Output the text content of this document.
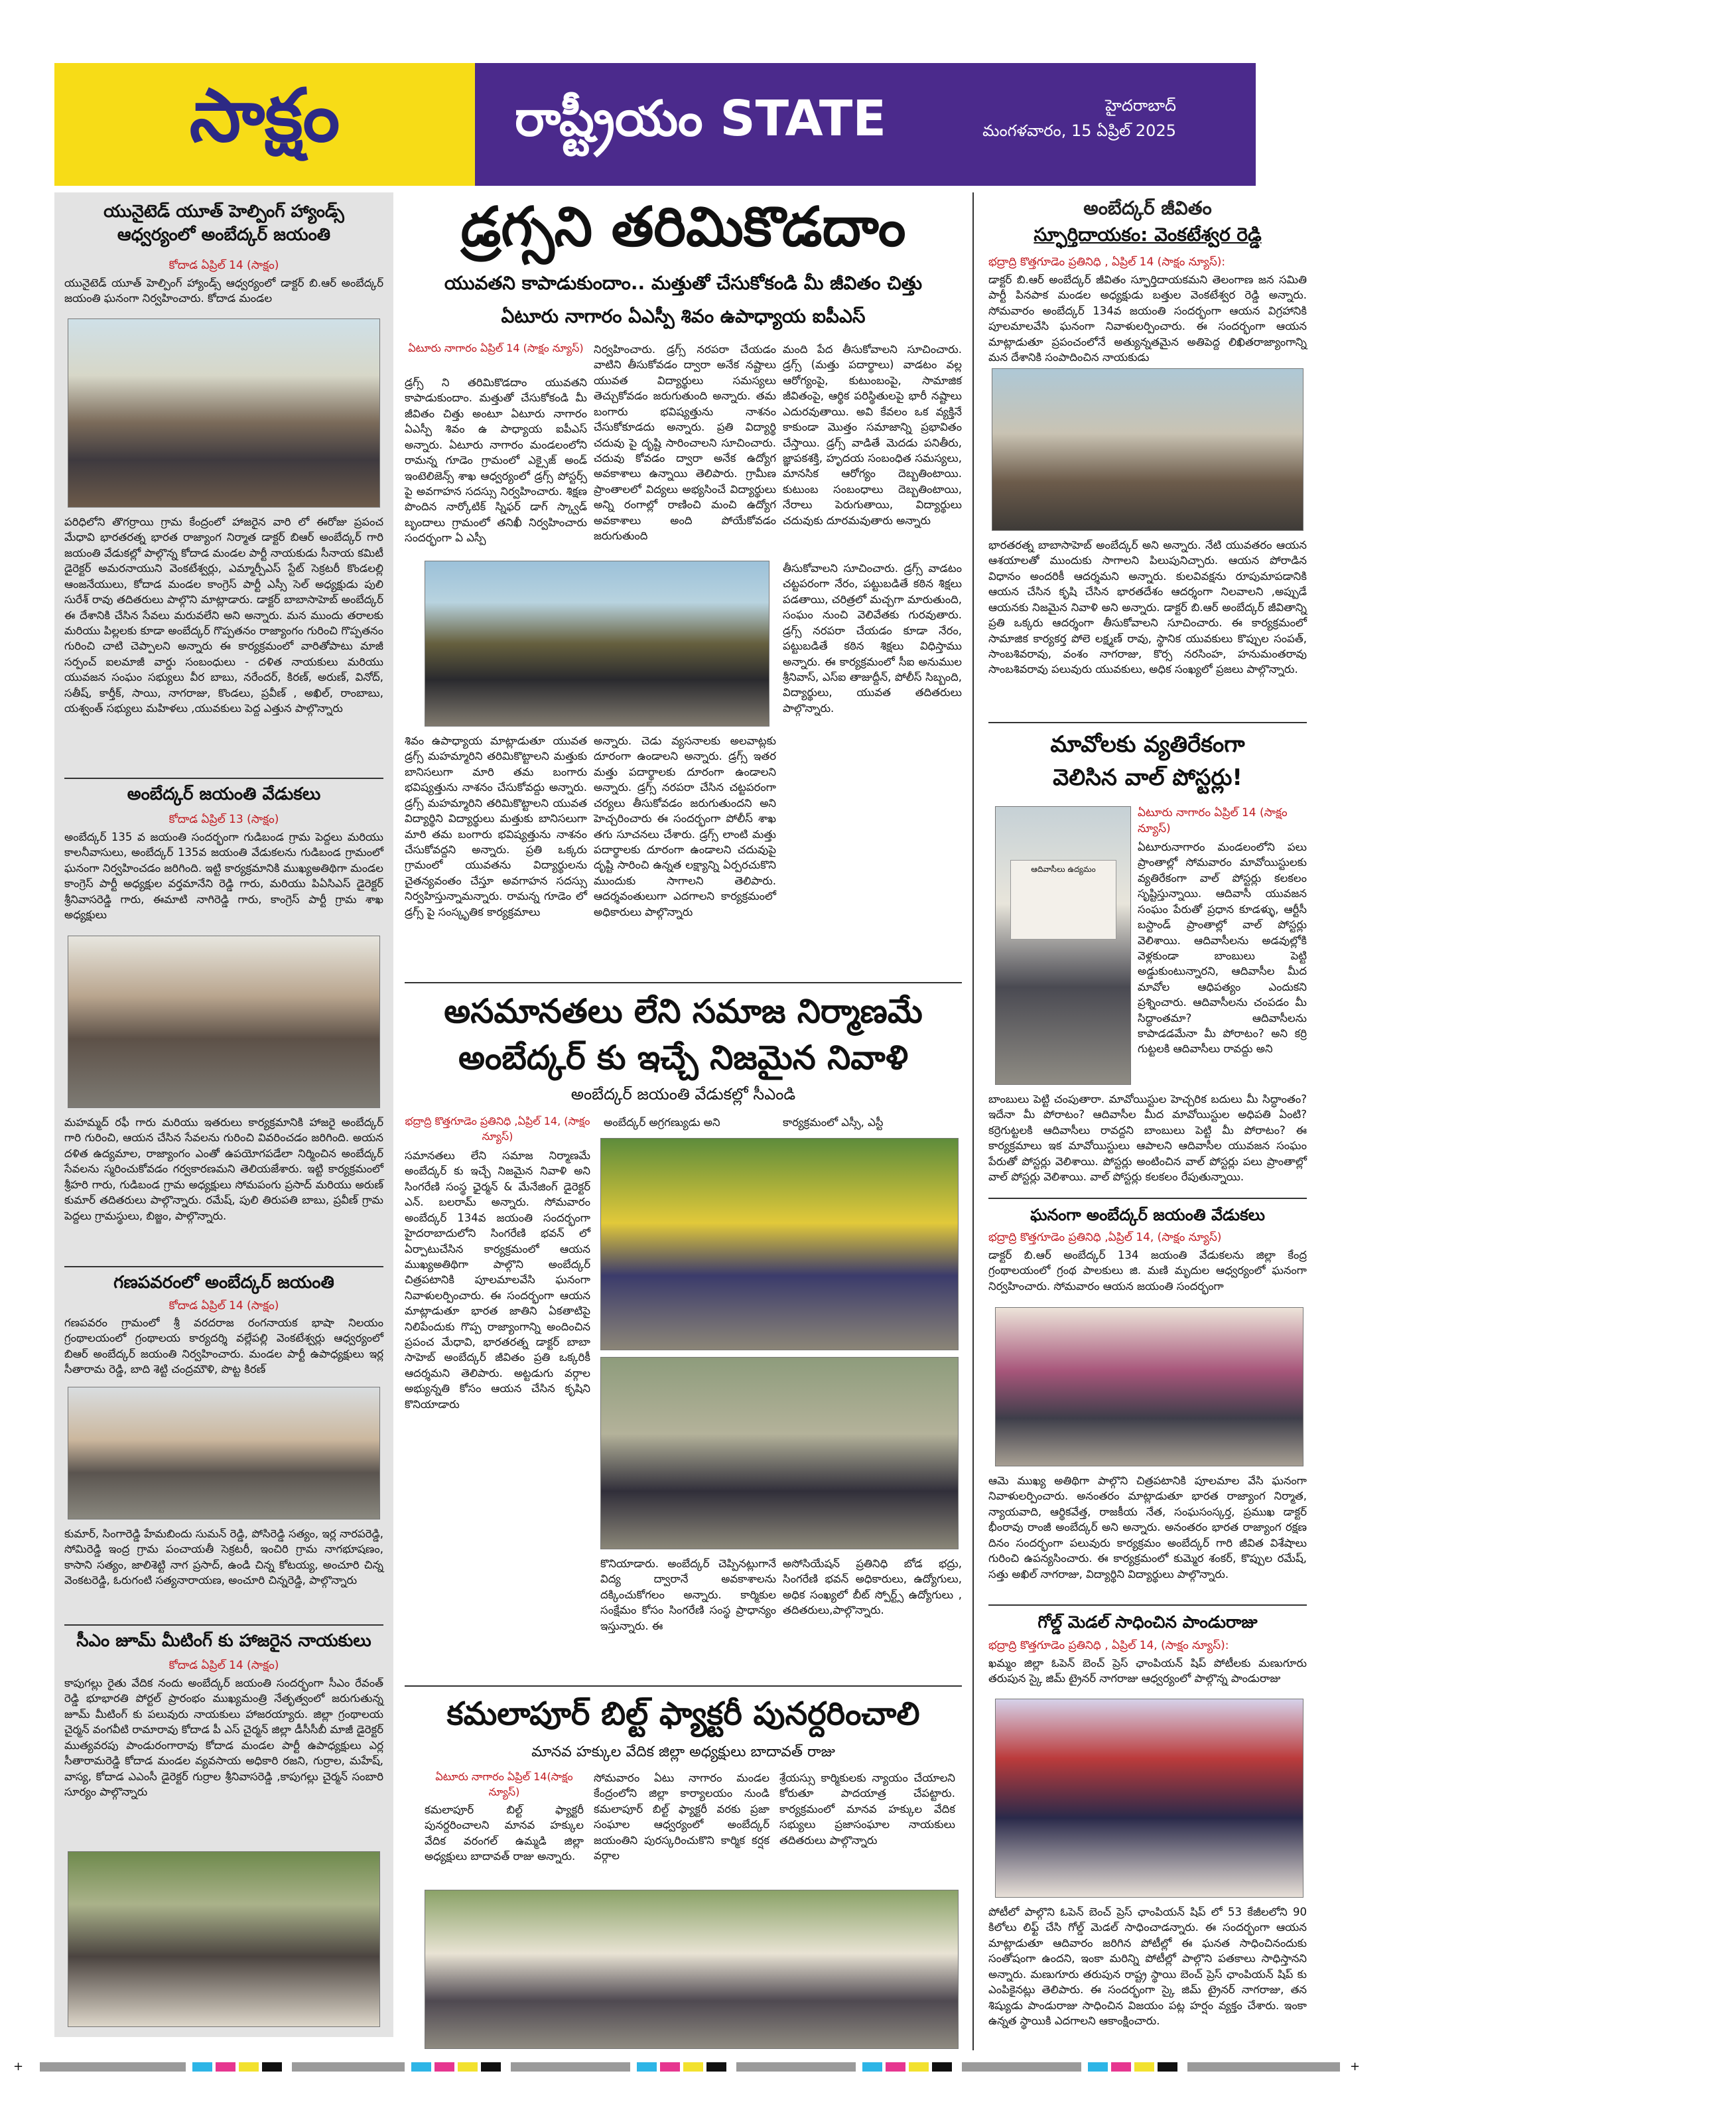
సాక్షం	రాష్ట్రీయం STATE	హైదరాబాద్
మంగళవారం, 15 ఏప్రిల్ 2025	4
యునైటెడ్ యూత్ హెల్పింగ్ హ్యాండ్స్ ఆధ్వర్యంలో అంబేద్కర్ జయంతి
కోదాడ ఏప్రిల్ 14 (సాక్షం)
యునైటెడ్ యూత్ హెల్పింగ్ హ్యాండ్స్ ఆధ్వర్యంలో డాక్టర్ బి.ఆర్ అంబేద్కర్ జయంతి ఘనంగా నిర్వహించారు. కోదాడ మండల
పరిధిలోని తొగర్రాయి గ్రామ కేంద్రంలో హాజరైన వారి లో ఈరోజు ప్రపంచ మేధావి భారతరత్న భారత రాజ్యాంగ నిర్మాత డాక్టర్ బిఆర్ అంబేద్కర్ గారి జయంతి వేడుకల్లో పాల్గొన్న కోదాడ మండల పార్టీ నాయకుడు సీనాయ కమిటీ డైరెక్టర్ అమరనాయుని వెంకటేశ్వర్లు, ఎమ్మార్పీఎస్ స్టేట్ సెక్రటరీ కొండలల్లి ఆంజనేయులు, కోదాడ మండల కాంగ్రెస్ పార్టీ ఎస్సీ సెల్ అధ్యక్షుడు పులి సురేశ్ రావు తదితరులు పాల్గొని మాట్లాడారు. డాక్టర్ బాబాసాహెబ్ అంబేద్కర్ ఈ దేశానికి చేసిన సేవలు మరువలేని అని అన్నారు. మన ముందు తరాలకు మరియు పిల్లలకు కూడా అంబేద్కర్ గొప్పతనం రాజ్యాంగం గురించి గొప్పతనం గురించి చాటి చెప్పాలని అన్నారు ఈ కార్యక్రమంలో వారితోపాటు మాజీ సర్పంచ్ ఐలమాజీ వార్డు సంబంధులు - దళిత నాయకులు మరియు యువజన సంఘం సభ్యులు వీర బాబు, నరేందర్, కిరణ్, అరుణ్, వినోద్, సతీష్, కార్తీక్, సాయి, నాగరాజు, కొండలు, ప్రవీణ్ , అఖిల్, రాంబాబు, యశ్వంత్ సభ్యులు మహిళలు ,యువకులు పెద్ద ఎత్తున పాల్గొన్నారు
అంబేద్కర్ జయంతి వేడుకలు
కోదాడ ఏప్రిల్ 13 (సాక్షం)
అంబేద్కర్ 135 వ జయంతి సందర్భంగా గుడిబండ గ్రామ పెద్దలు మరియు కాలనీవాసులు, అంబేద్కర్ 135వ జయంతి వేడుకలను గుడిబండ గ్రామంలో ఘనంగా నిర్వహించడం జరిగింది. ఇట్టి కార్యక్రమానికి ముఖ్యఅతిథిగా మండల కాంగ్రెస్ పార్టీ అధ్యక్షుల వర్తమానేని రెడ్డి గారు, మరియు పిఏసిఎస్ డైరెక్టర్ శ్రీనివాసరెడ్డి గారు, ఈమాటి నాగిరెడ్డి గారు, కాంగ్రెస్ పార్టీ గ్రామ శాఖ అధ్యక్షులు
మహమ్మద్ రఫీ గారు మరియు ఇతరులు కార్యక్రమానికి హాజరై అంబేద్కర్ గారి గురించి, ఆయన చేసిన సేవలను గురించి వివరించడం జరిగింది. అయన దళిత ఉద్యమాల, రాజ్యాంగం ఎంతో ఉపయోగపడేలా నిర్మించిన అంబేద్కర్ సేవలను స్మరించుకోవడం గర్వకారణమని తెలియజేశారు. ఇట్టి కార్యక్రమంలో శ్రీహరి గారు, గుడిబండ గ్రామ అధ్యక్షులు సోమపంగు ప్రసాద్ మరియు అరుణ్ కుమార్ తదితరులు పాల్గొన్నారు. రమేష్, పులి తిరుపతి బాబు, ప్రవీణ్ గ్రామ పెద్దలు గ్రామస్థులు, బిజ్జం, పాల్గొన్నారు.
గణపవరంలో అంబేద్కర్ జయంతి
కోదాడ ఏప్రిల్ 14 (సాక్షం)
గణపవరం గ్రామంలో శ్రీ వరదరాజ రంగనాయక భాషా నిలయం గ్రంథాలయంలో గ్రంథాలయ కార్యదర్శి వల్లేపల్లి వెంకటేశ్వర్లు ఆధ్వర్యంలో బిఆర్ అంబేద్కర్ జయంతి నిర్వహించారు. మండల పార్టీ ఉపాధ్యక్షులు ఇర్ల సీతారామ రెడ్డి, బాది శెట్టి చంద్రమౌళి, పొట్ట కిరణ్
కుమార్, సింగారెడ్డి హేమబిందు సుమన్ రెడ్డి, పోసిరెడ్డి సత్యం, ఇర్ల నారపరెడ్డి, సోమిరెడ్డి ఇంద్ర గ్రామ పంచాయతీ సెక్రటరీ, ఇంచిరి గ్రామ నాగభూషణం, కాసాని సత్యం, జాలిశెట్టి నాగ ప్రసాద్, ఉండి చిన్న కోటయ్య, అంచూరి చిన్న వెంకటరెడ్డి, ఓరుగంటి సత్యనారాయణ, అంచూరి చిన్నరెడ్డి, పాల్గొన్నారు
సీఎం జూమ్ మీటింగ్ కు హాజరైన నాయకులు
కోదాడ ఏప్రిల్ 14 (సాక్షం)
కాపుగల్లు రైతు వేదిక నందు అంబేద్కర్ జయంతి సందర్భంగా సీఎం రేవంత్ రెడ్డి భూభారతి పోర్టల్ ప్రారంభం ముఖ్యమంత్రి నేతృత్వంలో జరుగుతున్న జూమ్ మీటింగ్ కు పలువురు నాయకులు హాజరయ్యారు. జిల్లా గ్రంథాలయ చైర్మన్ వంగవీటి రామారావు కోదాడ పీ ఎస్ చైర్మన్ జిల్లా డీసీసీబీ మాజీ డైరెక్టర్ ముత్యవరపు పాండురంగారావు కోదాడ మండల పార్టీ ఉపాధ్యక్షులు ఎర్ల సీతారామరెడ్డి కోదాడ మండల వ్యవసాయ అధికారి రజని, గుర్రాల, మహేష్, వాస్య, కోదాడ ఎఎంసీ డైరెక్టర్ గుర్రాల శ్రీనివాసరెడ్డి ,కాపుగల్లు చైర్మన్ సంబారి సూర్యం పాల్గొన్నారు
డ్రగ్సని తరిమికొడదాం
యువతని కాపాడుకుందాం.. మత్తుతో చేసుకోకండి మీ జీవితం చిత్తు
ఏటూరు నాగారం ఏఎస్పీ శివం ఉపాధ్యాయ ఐపీఎస్
ఏటూరు నాగారం ఏప్రిల్ 14 (సాక్షం న్యూస్)
డ్రగ్స్ ని తరిమికొడదాం యువతని కాపాడుకుందాం. మత్తుతో చేసుకోకండి మీ జీవితం చిత్తు అంటూ ఏటూరు నాగారం ఏఎస్పీ శివం ఉ పాధ్యాయ ఐపీఎస్ అన్నారు. ఏటూరు నాగారం మండలంలోని రామన్న గూడెం గ్రామంలో ఎక్సైజ్ అండ్ ఇంటెలిజెన్స్ శాఖ ఆధ్వర్యంలో డ్రగ్స్ పోస్టర్స్ పై అవగాహన సదస్సు నిర్వహించారు. శిక్షణ పొందిన నార్కోటిక్ స్నిఫర్ డాగ్ స్క్వాడ్ బృందాలు గ్రామంలో తనిఖీ నిర్వహించారు సందర్భంగా ఏ ఎస్పీ
నిర్వహించారు. డ్రగ్స్ నరపరా చేయడం వాటిని తీసుకోవడం ద్వారా అనేక నష్టాలు యువత విద్యార్థులు సమస్యలు తెచ్చుకోవడం జరుగుతుంది అన్నారు. తమ బంగారు భవిష్యత్తును నాశనం చేసుకోకూడదు అన్నారు. ప్రతి విద్యార్థి చదువు పై దృష్టి సారించాలని సూచించారు. చదువు కోవడం ద్వారా అనేక ఉద్యోగ అవకాశాలు ఉన్నాయి తెలిపారు. గ్రామీణ ప్రాంతాలలో విద్యలు అభ్యసించే విద్యార్థులు అన్ని రంగాల్లో రాణించి మంచి ఉద్యోగ అవకాశాలు అంది పోయేకోవడం జరుగుతుంది
మంది పేద తీసుకోవాలని సూచించారు. డ్రగ్స్ (మత్తు పదార్థాలు) వాడటం వల్ల ఆరోగ్యంపై, కుటుంబంపై, సామాజిక జీవితంపై, ఆర్థిక పరిస్థితులపై భారీ నష్టాలు ఎదురవుతాయి. అవి కేవలం ఒక వ్యక్తినే కాకుండా మొత్తం సమాజాన్ని ప్రభావితం చేస్తాయి. డ్రగ్స్ వాడితే మెదడు పనితీరు, జ్ఞాపకశక్తి, హృదయ సంబంధిత సమస్యలు, మానసిక ఆరోగ్యం దెబ్బతింటాయి. కుటుంబ సంబంధాలు దెబ్బతింటాయి, నేరాలు పెరుగుతాయి, విద్యార్థులు చదువుకు దూరమవుతారు అన్నారు
తీసుకోవాలని సూచించారు. డ్రగ్స్ వాడటం చట్టపరంగా నేరం, పట్టుబడితే కఠిన శిక్షలు పడతాయి, చరిత్రలో మచ్చగా మారుతుంది, సంఘం నుంచి వెలివేతకు గురవుతారు. డ్రగ్స్ నరపరా చేయడం కూడా నేరం, పట్టుబడితే కఠిన శిక్షలు విధిస్తాము అన్నారు. ఈ కార్యక్రమంలో సీఐ అనుముల శ్రీనివాస్, ఎస్ఐ తాజుద్దీన్, పోలీస్ సిబ్బంది, విద్యార్థులు, యువత తదితరులు పాల్గొన్నారు.
శివం ఉపాధ్యాయ మాట్లాడుతూ యువత డ్రగ్స్ మహమ్మారిని తరిమికొట్టాలని మత్తుకు బానిసలుగా మారి తమ బంగారు భవిష్యత్తును నాశనం చేసుకోవద్దు అన్నారు. డ్రగ్స్ మహమ్మారిని తరిమికొట్టాలని యువత విద్యార్థిని విద్యార్థులు మత్తుకు బానిసలుగా మారి తమ బంగారు భవిష్యత్తును నాశనం చేసుకోవద్దని అన్నారు. ప్రతి ఒక్కరు గ్రామంలో యువతను విద్యార్థులను చైతన్యవంతం చేస్తూ అవగాహన సదస్సు నిర్వహిస్తున్నామన్నారు. రామన్న గూడెం లో డ్రగ్స్ పై సంస్కృతిక కార్యక్రమాలు
అన్నారు. చెడు వ్యసనాలకు అలవాట్లకు దూరంగా ఉండాలని అన్నారు. డ్రగ్స్ ఇతర మత్తు పదార్థాలకు దూరంగా ఉండాలని అన్నారు. డ్రగ్స్ నరపరా చేసిన చట్టపరంగా చర్యలు తీసుకోవడం జరుగుతుందని అని హెచ్చరించారు ఈ సందర్భంగా పోలీస్ శాఖ తగు సూచనలు చేశారు. డ్రగ్స్ లాంటి మత్తు పదార్థాలకు దూరంగా ఉండాలని చదువుపై దృష్టి సారించి ఉన్నత లక్ష్యాన్ని ఏర్పరచుకొని ముందుకు సాగాలని తెలిపారు. ఆదర్శవంతులుగా ఎదగాలని కార్యక్రమంలో అధికారులు పాల్గొన్నారు
అసమానతలు లేని సమాజ నిర్మాణమే
అంబేద్కర్ కు ఇచ్చే నిజమైన నివాళి
అంబేద్కర్ జయంతి వేడుకల్లో సీఎండి
భద్రాద్రి కొత్తగూడెం ప్రతినిధి ,ఏప్రిల్ 14, (సాక్షం న్యూస్)
సమానతలు లేని సమాజ నిర్మాణమే అంబేద్కర్ కు ఇచ్చే నిజమైన నివాళి అని సింగరేణి సంస్థ ఛైర్మన్ & మేనేజింగ్ డైరెక్టర్ ఎన్. బలరామ్ అన్నారు. సోమవారం అంబేద్కర్ 134వ జయంతి సందర్భంగా హైదరాబాదులోని సింగరేణి భవన్ లో ఏర్పాటుచేసిన కార్యక్రమంలో ఆయన ముఖ్యఅతిథిగా పాల్గొని అంబేద్కర్ చిత్రపటానికి పూలమాలవేసి ఘనంగా నివాళులర్పించారు. ఈ సందర్భంగా ఆయన మాట్లాడుతూ భారత జాతిని ఏకతాటిపై నిలిపేందుకు గొప్ప రాజ్యాంగాన్ని అందించిన ప్రపంచ మేధావి, భారతరత్న డాక్టర్ బాబా సాహెబ్ అంబేద్కర్ జీవితం ప్రతి ఒక్కరికీ ఆదర్శమని తెలిపారు. అట్టడుగు వర్గాల అభ్యున్నతి కోసం ఆయన చేసిన కృషిని కొనియాడారు
అంబేద్కర్ అగ్రగణ్యుడు అని	కార్యక్రమంలో ఎస్సీ, ఎస్టీ
కొనియాడారు. అంబేద్కర్ చెప్పినట్లుగానే విద్య ద్వారానే అవకాశాలను దక్కించుకోగలం అన్నారు. కార్మికుల సంక్షేమం కోసం సింగరేణి సంస్థ ప్రాధాన్యం ఇస్తున్నారు. ఈ
అసోసియేషన్ ప్రతినిధి బోడ భద్రు, సింగరేణి భవన్ అధికారులు, ఉద్యోగులు, అధిక సంఖ్యలో బీట్ స్పోర్ట్స్ ఉద్యోగులు , తదితరులు,పాల్గొన్నారు.
కమలాపూర్ బిల్ట్ ఫ్యాక్టరీ పునర్దరించాలి
మానవ హక్కుల వేదిక జిల్లా అధ్యక్షులు బాదావత్ రాజు
ఏటూరు నాగారం ఏప్రిల్ 14(సాక్షం న్యూస్)
కమలాపూర్ బిల్ట్ ఫ్యాక్టరీ పునర్దరించాలని మానవ హక్కుల వేదిక వరంగల్ ఉమ్మడి జిల్లా అధ్యక్షులు బాదావత్ రాజు అన్నారు.
సోమవారం ఏటు నాగారం మండల కేంద్రంలోని జిల్లా కార్యాలయం నుండి కమలాపూర్ బిల్ట్ ఫ్యాక్టరీ వరకు ప్రజా సంఘాల ఆధ్వర్యంలో అంబేద్కర్ జయంతిని పురస్కరించుకొని కార్మిక కర్షక వర్గాల
శ్రేయస్సు కార్మికులకు న్యాయం చేయాలని కోరుతూ పాదయాత్ర చేపట్టారు. కార్యక్రమంలో మానవ హక్కుల వేదిక సభ్యులు ప్రజాసంఘాల నాయకులు తదితరులు పాల్గొన్నారు
అంబేద్కర్ జీవితం
స్ఫూర్తిదాయకం: వెంకటేశ్వర రెడ్డి
భద్రాద్రి కొత్తగూడెం ప్రతినిధి , ఏప్రిల్ 14 (సాక్షం న్యూస్):
డాక్టర్ బి.ఆర్ అంబేద్కర్ జీవితం స్ఫూర్తిదాయకమని తెలంగాణ జన సమితి పార్టీ పినపాక మండల అధ్యక్షుడు బత్తుల వెంకటేశ్వర రెడ్డి అన్నారు. సోమవారం అంబేద్కర్ 134వ జయంతి సందర్భంగా ఆయన విగ్రహానికి పూలమాలవేసి ఘనంగా నివాళులర్పించారు. ఈ సందర్భంగా ఆయన మాట్లాడుతూ ప్రపంచంలోనే అత్యున్నతమైన అతిపెద్ద లిఖితరాజ్యాంగాన్ని మన దేశానికి సంపాదించిన నాయకుడు
భారతరత్న బాబాసాహెబ్ అంబేద్కర్ అని అన్నారు. నేటి యువతరం ఆయన ఆశయాలతో ముందుకు సాగాలని పిలుపునిచ్చారు. ఆయన పోరాడిన విధానం అందరికీ ఆదర్శమని అన్నారు. కులవివక్షను రూపుమాపడానికి ఆయన చేసిన కృషి చేసిన భారతదేశం ఆదర్శంగా నిలవాలని ,అప్పుడే ఆయనకు నిజమైన నివాళి అని అన్నారు. డాక్టర్ బి.ఆర్ అంబేద్కర్ జీవితాన్ని ప్రతి ఒక్కరు ఆదర్శంగా తీసుకోవాలని సూచించారు. ఈ కార్యక్రమంలో సామాజిక కార్యకర్త పోలె లక్ష్మణ్ రావు, స్థానిక యువకులు కొప్పుల సంపత్, సాంబశివరావు, వంశం నాగరాజు, కొర్స నరసింహ, హనుమంతరావు సాంబశివరావు పలువురు యువకులు, అధిక సంఖ్యలో ప్రజలు పాల్గొన్నారు.
మావోలకు వ్యతిరేకంగా
వెలిసిన వాల్ పోస్టర్లు!
ఆదివాసీలు ఉద్యమం
ఏటూరు నాగారం ఏప్రిల్ 14 (సాక్షం న్యూస్)
ఏటూరునాగారం మండలంలోని పలు ప్రాంతాల్లో సోమవారం మావోయిస్టులకు వ్యతిరేకంగా వాల్ పోస్టర్లు కలకలం సృష్టిస్తున్నాయి. ఆదివాసీ యువజన సంఘం పేరుతో ప్రధాన కూడళ్ళు, ఆర్టీసీ బస్టాండ్ ప్రాంతాల్లో వాల్ పోస్టర్లు వెలిశాయి. ఆదివాసీలను అడవుల్లోకి వెళ్లకుండా బాంబులు పెట్టి అడ్డుకుంటున్నారని, ఆదివాసీల మీద మావోల ఆధిపత్యం ఎందుకని ప్రశ్నించారు. ఆదివాసీలను చంపడం మీ సిద్ధాంతమా? ఆదివాసీలను కాపాడడమేనా మీ పోరాటం? అని కర్రి గుట్టలకి ఆదివాసీలు రావద్దు అని
బాంబులు పెట్టి చంపుతారా. మావోయిస్టుల హెచ్చరిక బదులు మీ సిద్ధాంతం? ఇదేనా మీ పోరాటం? ఆదివాసీల మీద మావోయిస్టుల అధిపతి ఏంటి? కర్రెగుట్టలకి ఆదివాసీలు రావద్దని బాంబులు పెట్టి మీ పోరాటం? ఈ కార్యక్రమాలు ఇక మావోయిస్టులు ఆపాలని ఆదివాసీల యువజన సంఘం పేరుతో పోస్టర్లు వెలిశాయి. పోస్టర్లు అంటించిన వాల్ పోస్టర్లు పలు ప్రాంతాల్లో వాల్ పోస్టర్లు వెలిశాయి. వాల్ పోస్టర్లు కలకలం రేపుతున్నాయి.
ఘనంగా అంబేద్కర్ జయంతి వేడుకలు
భద్రాద్రి కొత్తగూడెం ప్రతినిధి ,ఏప్రిల్ 14, (సాక్షం న్యూస్)
డాక్టర్ బి.ఆర్ అంబేద్కర్ 134 జయంతి వేడుకలను జిల్లా కేంద్ర గ్రంథాలయంలో గ్రంథ పాలకులు జి. మణి మృదుల ఆధ్వర్యంలో ఘనంగా నిర్వహించారు. సోమవారం ఆయన జయంతి సందర్భంగా
ఆమె ముఖ్య అతిథిగా పాల్గొని చిత్రపటానికి పూలమాల వేసి ఘనంగా నివాళులర్పించారు. అనంతరం మాట్లాడుతూ భారత రాజ్యాంగ నిర్మాత, న్యాయవాది, ఆర్థికవేత్త, రాజకీయ నేత, సంఘసంస్కర్త, ప్రముఖ డాక్టర్ భీంరావు రాంజీ అంబేద్కర్ అని అన్నారు. అనంతరం భారత రాజ్యాంగ రక్షణ దినం సందర్భంగా పలువురు కార్యక్రమం అంబేద్కర్ గారి జీవిత విశేషాలు గురించి ఉపన్యసించారు. ఈ కార్యక్రమంలో కుమ్మెర శంకర్, కొప్పుల రమేష్, సత్తు అఖిల్ నాగరాజు, విద్యార్థిని విద్యార్థులు పాల్గొన్నారు.
గోల్డ్ మెడల్ సాధించిన పాండురాజు
భద్రాద్రి కొత్తగూడెం ప్రతినిధి , ఏప్రిల్ 14, (సాక్షం న్యూస్):
ఖమ్మం జిల్లా ఓపెన్ బెంచ్ ప్రెస్ ఛాంపియన్ షిప్ పోటీలకు మణుగూరు తరుపున స్కై జిమ్ ట్రైనర్ నాగరాజు ఆధ్వర్యంలో పాల్గొన్న పాండురాజు
పోటీలో పాల్గొని ఓపెన్ బెంచ్ ప్రెస్ ఛాంపియన్ షిప్ లో 53 కేజీలలోని 90 కిలోలు లిఫ్ట్ చేసి గోల్డ్ మెడల్ సాధించాడన్నారు. ఈ సందర్భంగా ఆయన మాట్లాడుతూ ఆదివారం జరిగిన పోటీల్లో ఈ ఘనత సాధించినందుకు సంతోషంగా ఉందని, ఇంకా మరిన్ని పోటీల్లో పాల్గొని పతకాలు సాధిస్తానని అన్నారు. మణుగూరు తరుపున రాష్ట్ర స్థాయి బెంచ్ ప్రెస్ ఛాంపియన్ షిప్ కు ఎంపికైనట్లు తెలిపారు. ఈ సందర్భంగా స్కై జిమ్ ట్రైనర్ నాగరాజు, తన శిష్యుడు పాండురాజు సాధించిన విజయం పట్ల హర్షం వ్యక్తం చేశారు. ఇంకా ఉన్నత స్థాయికి ఎదగాలని ఆకాంక్షించారు.
+	+
